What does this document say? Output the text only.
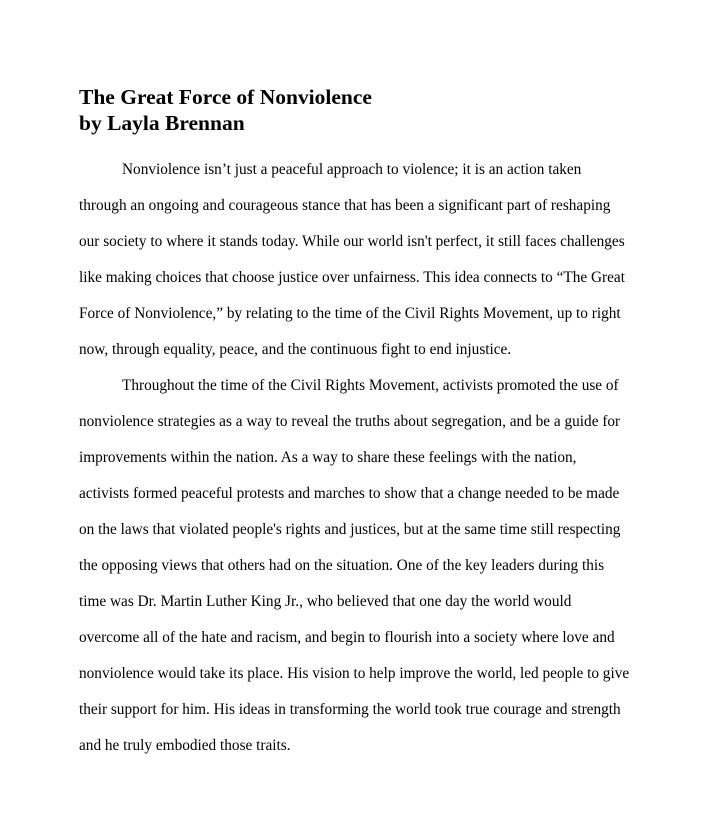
The Great Force of Nonviolence
by Layla Brennan
Nonviolence isn’t just a peaceful approach to violence; it is an action taken
through an ongoing and courageous stance that has been a significant part of reshaping
our society to where it stands today. While our world isn't perfect, it still faces challenges
like making choices that choose justice over unfairness. This idea connects to “The Great
Force of Nonviolence,” by relating to the time of the Civil Rights Movement, up to right
now, through equality, peace, and the continuous fight to end injustice.
Throughout the time of the Civil Rights Movement, activists promoted the use of
nonviolence strategies as a way to reveal the truths about segregation, and be a guide for
improvements within the nation. As a way to share these feelings with the nation,
activists formed peaceful protests and marches to show that a change needed to be made
on the laws that violated people's rights and justices, but at the same time still respecting
the opposing views that others had on the situation. One of the key leaders during this
time was Dr. Martin Luther King Jr., who believed that one day the world would
overcome all of the hate and racism, and begin to flourish into a society where love and
nonviolence would take its place. His vision to help improve the world, led people to give
their support for him. His ideas in transforming the world took true courage and strength
and he truly embodied those traits.
